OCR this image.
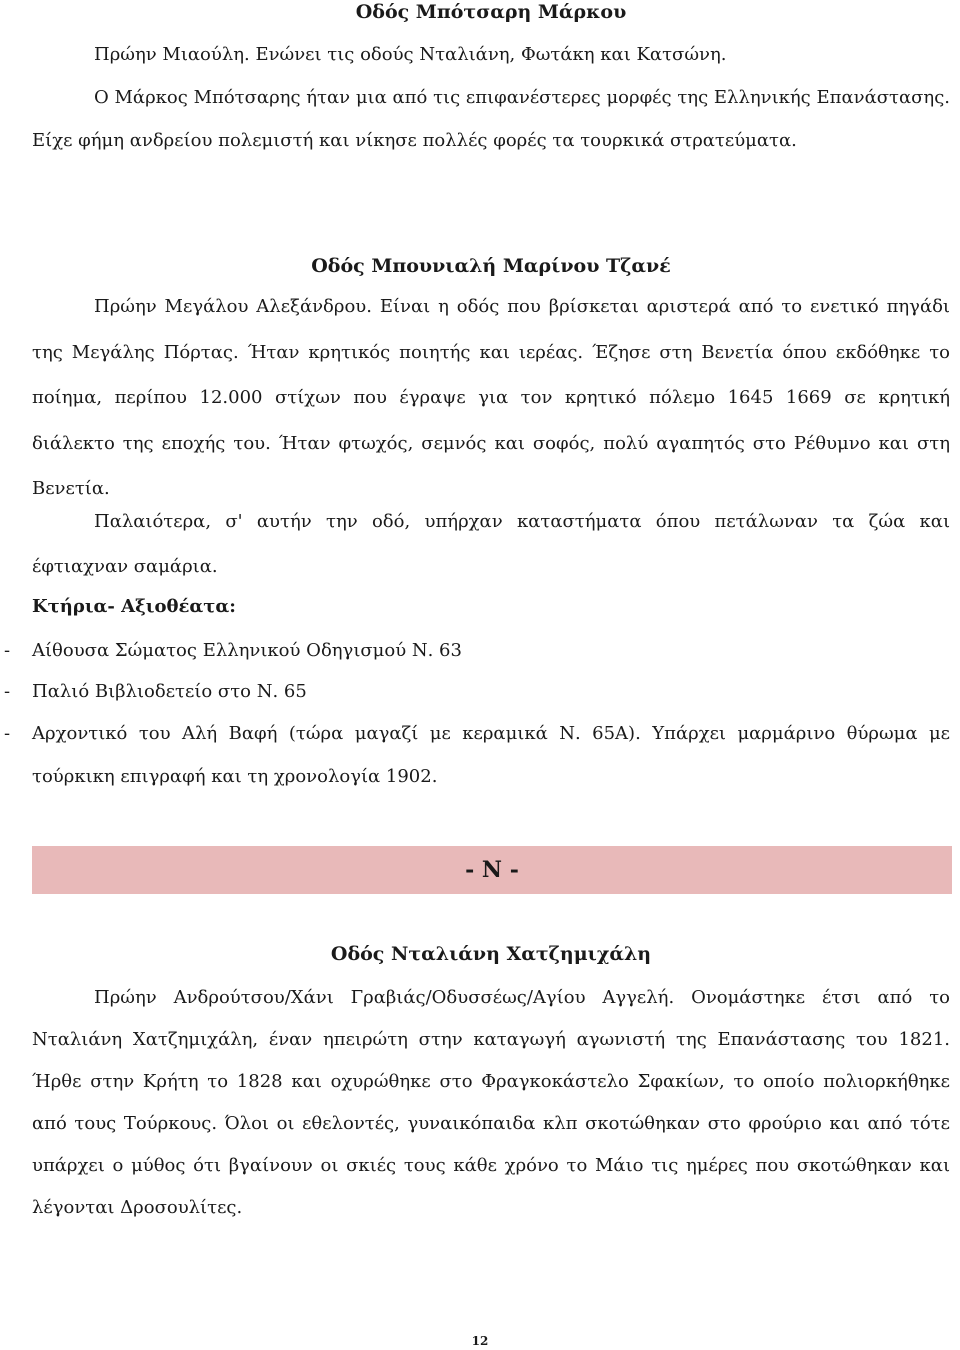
Οδός Μπότσαρη Μάρκου

Πρώην Μιαούλη. Ενώνει τις οδούς Νταλιάνη, Φωτάκη και Κατσώνη.

Ο Μάρκος Μπότσαρης ήταν μια από τις επιφανέστερες μορφές της Ελληνικής Επανάστασης. Είχε φήμη ανδρείου πολεμιστή και νίκησε πολλές φορές τα τουρκικά στρατεύματα.

Οδός Μπουνιαλή Μαρίνου Τζανέ

Πρώην Μεγάλου Αλεξάνδρου. Είναι η οδός που βρίσκεται αριστερά από το ενετικό πηγάδι της Μεγάλης Πόρτας. Ήταν κρητικός ποιητής και ιερέας. Έζησε στη Βενετία όπου εκδόθηκε το ποίημα, περίπου 12.000 στίχων που έγραψε για τον κρητικό πόλεμο 1645 1669 σε κρητική διάλεκτο της εποχής του. Ήταν φτωχός, σεμνός και σοφός, πολύ αγαπητός στο Ρέθυμνο και στη Βενετία.

Παλαιότερα, σ' αυτήν την οδό, υπήρχαν καταστήματα όπου πετάλωναν τα ζώα και έφτιαχναν σαμάρια.

Κτήρια- Αξιοθέατα:
- Αίθουσα Σώματος Ελληνικού Οδηγισμού Ν. 63
- Παλιό Βιβλιοδετείο στο Ν. 65
- Αρχοντικό του Αλή Βαφή (τώρα μαγαζί με κεραμικά Ν. 65Α). Υπάρχει μαρμάρινο θύρωμα με τούρκικη επιγραφή και τη χρονολογία 1902.
Οδός Νταλιάνη Χατζημιχάλη

Πρώην Ανδρούτσου/Χάνι Γραβιάς/Οδυσσέως/Αγίου Αγγελή. Ονομάστηκε έτσι από το Νταλιάνη Χατζημιχάλη, έναν ηπειρώτη στην καταγωγή αγωνιστή της Επανάστασης του 1821. Ήρθε στην Κρήτη το 1828 και οχυρώθηκε στο Φραγκοκάστελο Σφακίων, το οποίο πολιορκήθηκε από τους Τούρκους. Όλοι οι εθελοντές, γυναικόπαιδα κλπ σκοτώθηκαν στο φρούριο και από τότε υπάρχει ο μύθος ότι βγαίνουν οι σκιές τους κάθε χρόνο το Μάιο τις ημέρες που σκοτώθηκαν και λέγονται Δροσουλίτες.

- Ν -
12
